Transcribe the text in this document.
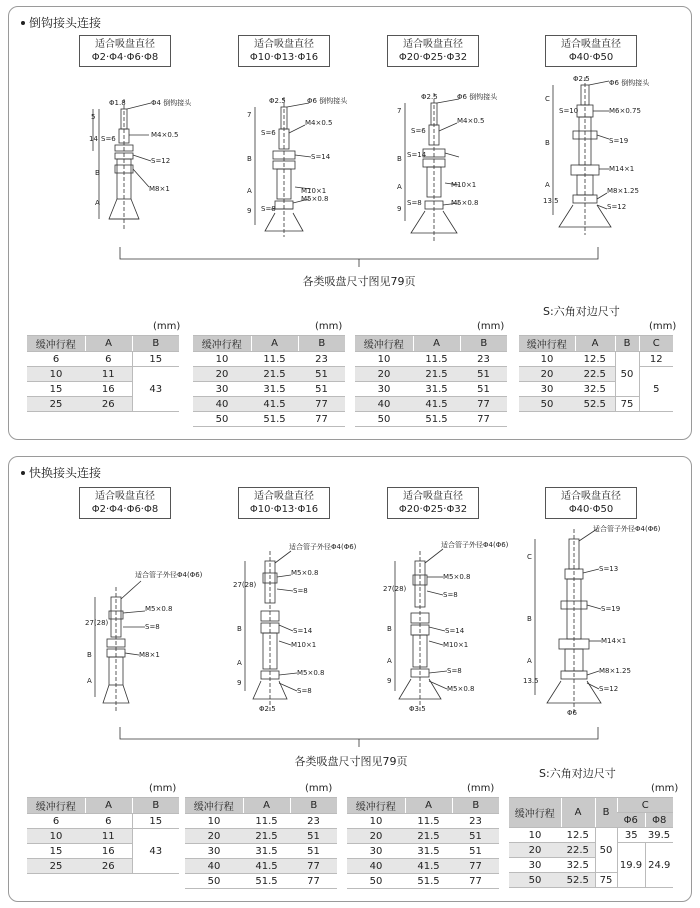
倒钩接头连接
适合吸盘直径
Φ2·Φ4·Φ6·Φ8
适合吸盘直径
Φ10·Φ13·Φ16
适合吸盘直径
Φ20·Φ25·Φ32
适合吸盘直径
Φ40·Φ50
Φ1.8	Φ4 倒钩接头
S=6	M4×0.5
S=12
M8×1
5
14
B
A
Φ2.5	Φ6 倒钩接头
S=6
M4×0.5
S=14
M10×1
M5×0.8
S=8
7
B
A
9
Φ2.5	Φ6 倒钩接头
S=6
M4×0.5
S=14
M10×1
M5×0.8
S=8
7
B
A
9
Φ2.5	Φ6 倒钩接头
S=10	M6×0.75
S=19
M14×1
M8×1.25
S=12
C
B
A
13.5
各类吸盘尺寸图见79页
S:六角对边尺寸
(mm)
缓冲行程	A	B
6	6	15
10	11	43
15	16	
25	26	
(mm)
缓冲行程	A	B
10	11.5	23
20	21.5	51
30	31.5	51
40	41.5	77
50	51.5	77
(mm)
缓冲行程	A	B
10	11.5	23
20	21.5	51
30	31.5	51
40	41.5	77
50	51.5	77
(mm)
缓冲行程	A	B	C
10	12.5	50	12
20	22.5		5
30	32.5		
50	52.5	75	
快换接头连接
适合吸盘直径
Φ2·Φ4·Φ6·Φ8
适合吸盘直径
Φ10·Φ13·Φ16
适合吸盘直径
Φ20·Φ25·Φ32
适合吸盘直径
Φ40·Φ50
适合管子外径Φ4(Φ6)
M5×0.8
S=8
M8×1
27(28)
B
A
适合管子外径Φ4(Φ6)
M5×0.8
S=8
S=14
M10×1
M5×0.8
S=8
Φ2.5
27(28)
B
A
9
适合管子外径Φ4(Φ6)
M5×0.8
S=8
S=14
M10×1
S=8
M5×0.8
Φ3.5
27(28)
B
A
9
适合管子外径Φ4(Φ6)
S=13
S=19
M14×1
M8×1.25
S=12
Φ6
C
B
A
13.5
各类吸盘尺寸图见79页
S:六角对边尺寸
(mm)
缓冲行程	A	B
6	6	15
10	11	43
15	16	
25	26	
(mm)
缓冲行程	A	B
10	11.5	23
20	21.5	51
30	31.5	51
40	41.5	77
50	51.5	77
(mm)
缓冲行程	A	B
10	11.5	23
20	21.5	51
30	31.5	51
40	41.5	77
50	51.5	77
(mm)
缓冲行程	A	B	C	
			Φ6	Φ8
10	12.5	50	35	39.5
20	22.5		19.9	24.9
30	32.5			
50	52.5	75		
